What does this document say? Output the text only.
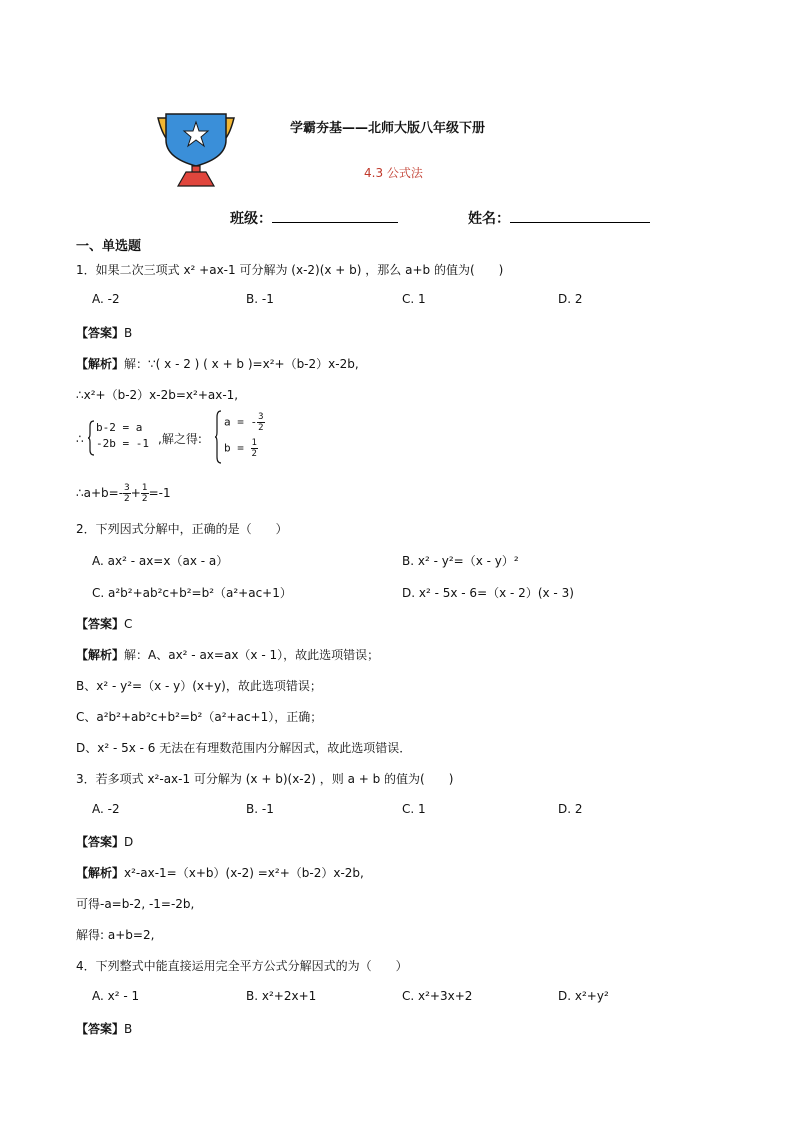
学霸夯基——北师大版八年级下册
4.3 公式法
班级：	姓名：
一、单选题
1．如果二次三项式 x² +ax-1 可分解为 (x-2)(x + b) ，那么 a+b 的值为(　　)
A. -2	B. -1	C. 1	D. 2
【答案】B
【解析】解：∵( x - 2 ) ( x + b )=x²+（b-2）x-2b,
∴x²+（b-2）x-2b=x²+ax-1,
∴
b-2 = a
-2b = -1 ,解之得:
a = - $\frac{3}{2}$
$b = \frac{1}{2}$
∴a+b=- $\frac{3}{2} + \frac{1}{2} =-1$
2．下列因式分解中，正确的是（　　）
A. ax² - ax=x（ax - a）	B. x² - y²=（x - y）²
C. a²b²+ab²c+b²=b²（a²+ac+1）	D. x² - 5x - 6=（x - 2）(x - 3)
【答案】C
【解析】解：A、ax² - ax=ax（x - 1），故此选项错误；
B、x² - y²=（x - y）(x+y)，故此选项错误；
C、a²b²+ab²c+b²=b²（a²+ac+1），正确；
D、x² - 5x - 6 无法在有理数范围内分解因式，故此选项错误．
3．若多项式 x²-ax-1 可分解为 (x + b)(x-2) ，则 a + b 的值为(　　)
A. -2	B. -1	C. 1	D. 2
【答案】D
【解析】x²-ax-1=（x+b）(x-2) =x²+（b-2）x-2b,
可得-a=b-2, -1=-2b,
解得: a+b=2,
4．下列整式中能直接运用完全平方公式分解因式的为（　　）
A. x² - 1	B. x²+2x+1	C. x²+3x+2	D. x²+y²
【答案】B
